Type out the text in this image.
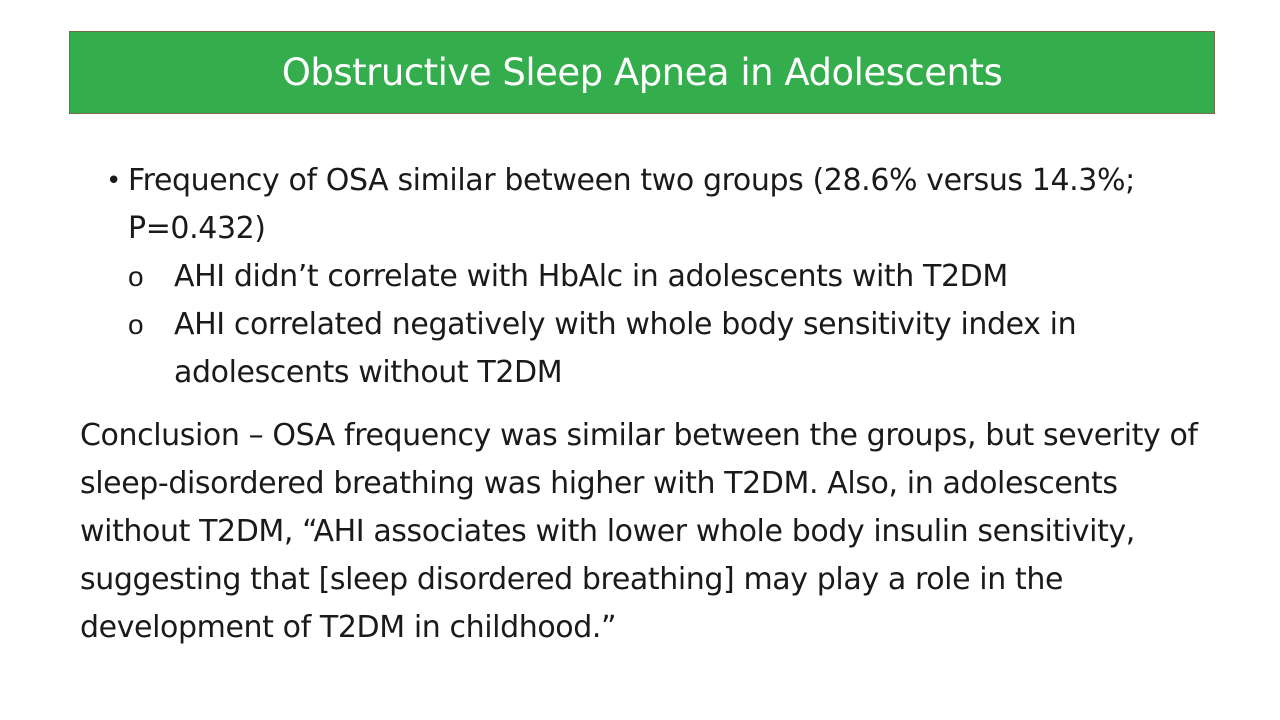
Obstructive Sleep Apnea in Adolescents
• Frequency of OSA similar between two groups (28.6% versus 14.3%; P=0.432)
o AHI didn’t correlate with HbAlc in adolescents with T2DM
o AHI correlated negatively with whole body sensitivity index in adolescents without T2DM
Conclusion – OSA frequency was similar between the groups, but severity of sleep-disordered breathing was higher with T2DM. Also, in adolescents without T2DM, “AHI associates with lower whole body insulin sensitivity, suggesting that [sleep disordered breathing] may play a role in the development of T2DM in childhood.”
